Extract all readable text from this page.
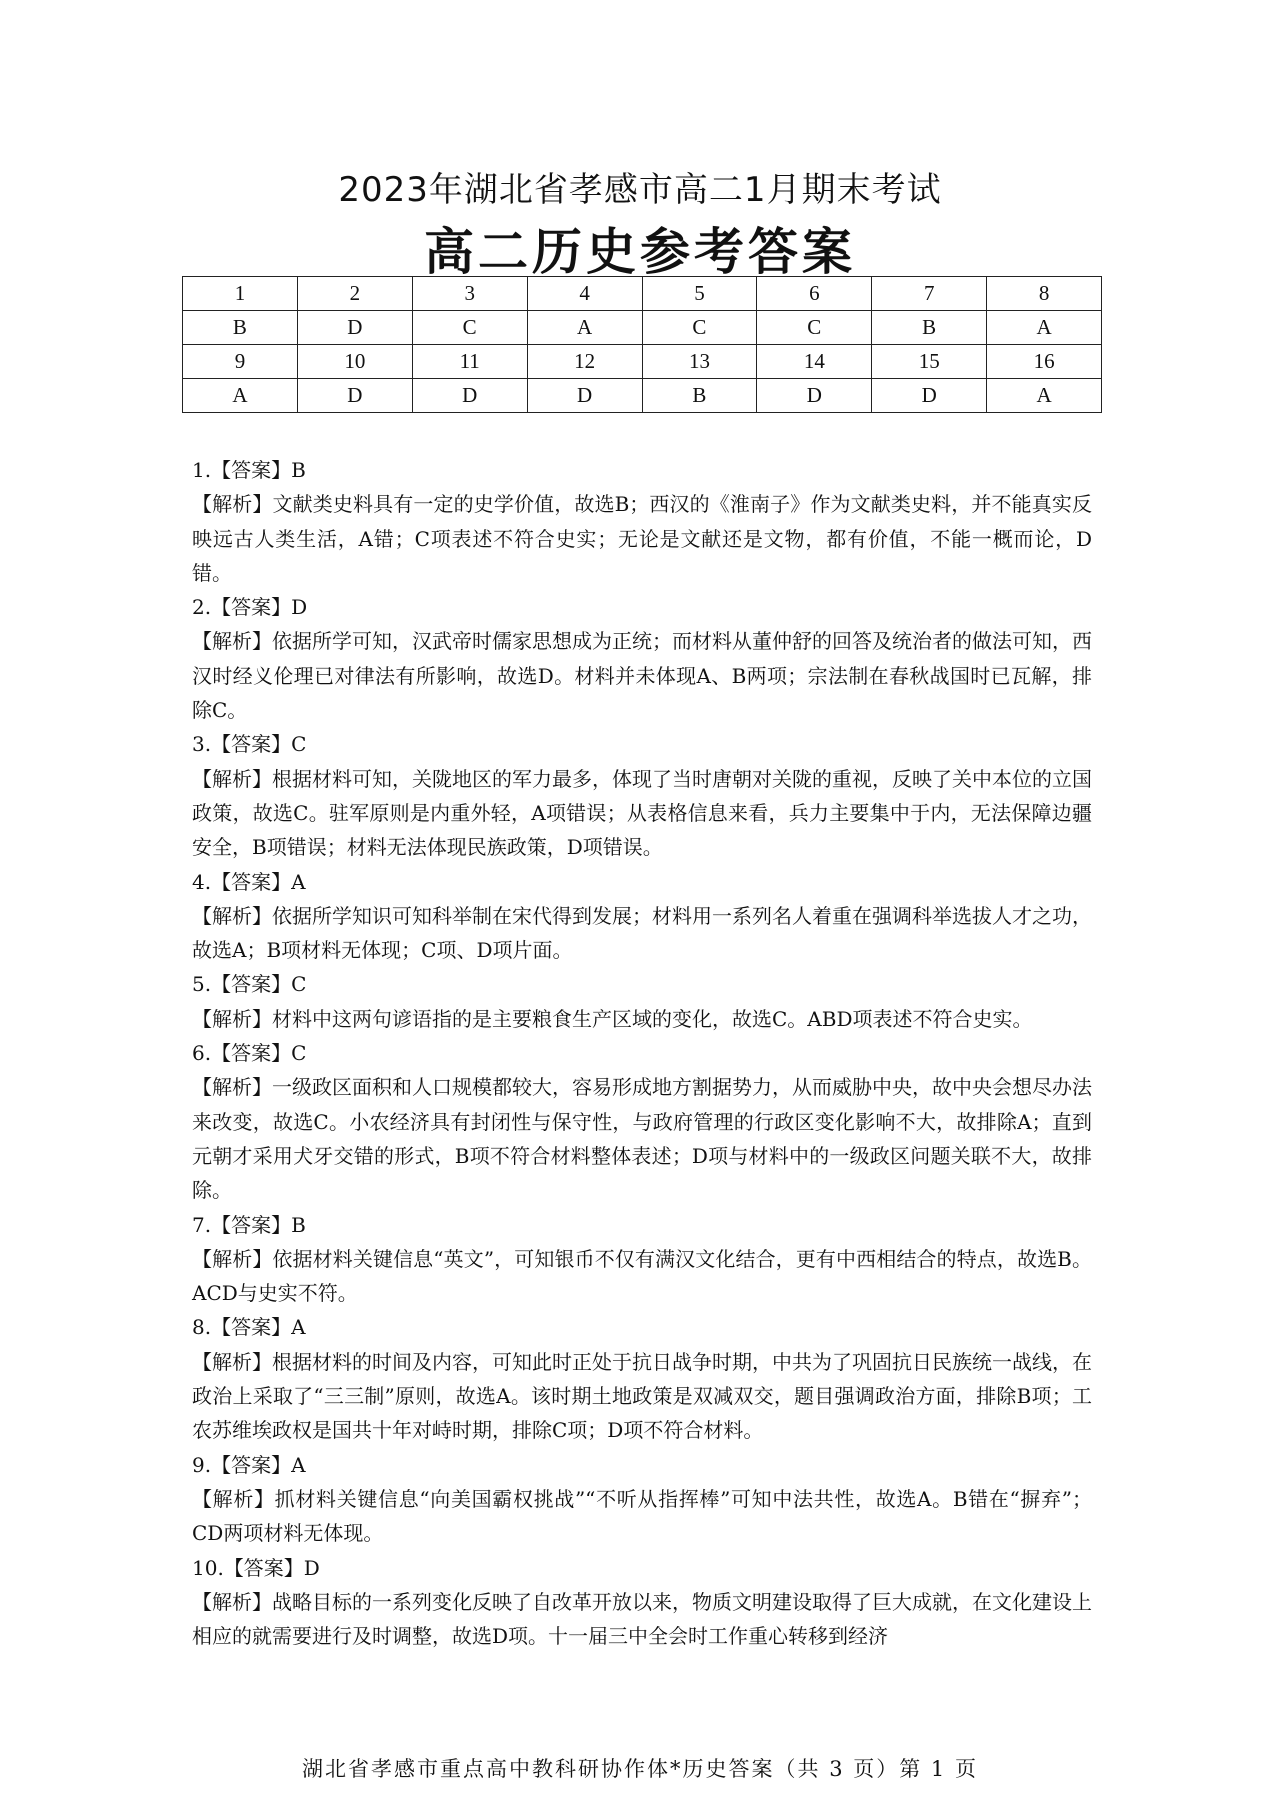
2023年湖北省孝感市高二1月期末考试
高二历史参考答案
1	2	3	4	5	6	7	8
B	D	C	A	C	C	B	A
9	10	11	12	13	14	15	16
A	D	D	D	B	D	D	A

1.【答案】B

【解析】文献类史料具有一定的史学价值，故选B；西汉的《淮南子》作为文献类史料，并不能真实反映远古人类生活，A错；C项表述不符合史实；无论是文献还是文物，都有价值，不能一概而论，D错。

2.【答案】D

【解析】依据所学可知，汉武帝时儒家思想成为正统；而材料从董仲舒的回答及统治者的做法可知，西汉时经义伦理已对律法有所影响，故选D。材料并未体现A、B两项；宗法制在春秋战国时已瓦解，排除C。

3.【答案】C

【解析】根据材料可知，关陇地区的军力最多，体现了当时唐朝对关陇的重视，反映了关中本位的立国政策，故选C。驻军原则是内重外轻，A项错误；从表格信息来看，兵力主要集中于内，无法保障边疆安全，B项错误；材料无法体现民族政策，D项错误。

4.【答案】A

【解析】依据所学知识可知科举制在宋代得到发展；材料用一系列名人着重在强调科举选拔人才之功，故选A；B项材料无体现；C项、D项片面。

5.【答案】C

【解析】材料中这两句谚语指的是主要粮食生产区域的变化，故选C。ABD项表述不符合史实。

6.【答案】C

【解析】一级政区面积和人口规模都较大，容易形成地方割据势力，从而威胁中央，故中央会想尽办法来改变，故选C。小农经济具有封闭性与保守性，与政府管理的行政区变化影响不大，故排除A；直到元朝才采用犬牙交错的形式，B项不符合材料整体表述；D项与材料中的一级政区问题关联不大，故排除。

7.【答案】B

【解析】依据材料关键信息“英文”，可知银币不仅有满汉文化结合，更有中西相结合的特点，故选B。ACD与史实不符。

8.【答案】A

【解析】根据材料的时间及内容，可知此时正处于抗日战争时期，中共为了巩固抗日民族统一战线，在政治上采取了“三三制”原则，故选A。该时期土地政策是双减双交，题目强调政治方面，排除B项；工农苏维埃政权是国共十年对峙时期，排除C项；D项不符合材料。

9.【答案】A

【解析】抓材料关键信息“向美国霸权挑战”“不听从指挥棒”可知中法共性，故选A。B错在“摒弃”；CD两项材料无体现。

10.【答案】D

【解析】战略目标的一系列变化反映了自改革开放以来，物质文明建设取得了巨大成就，在文化建设上相应的就需要进行及时调整，故选D项。十一届三中全会时工作重心转移到经济

湖北省孝感市重点高中教科研协作体*历史答案（共 3 页）第 1 页
